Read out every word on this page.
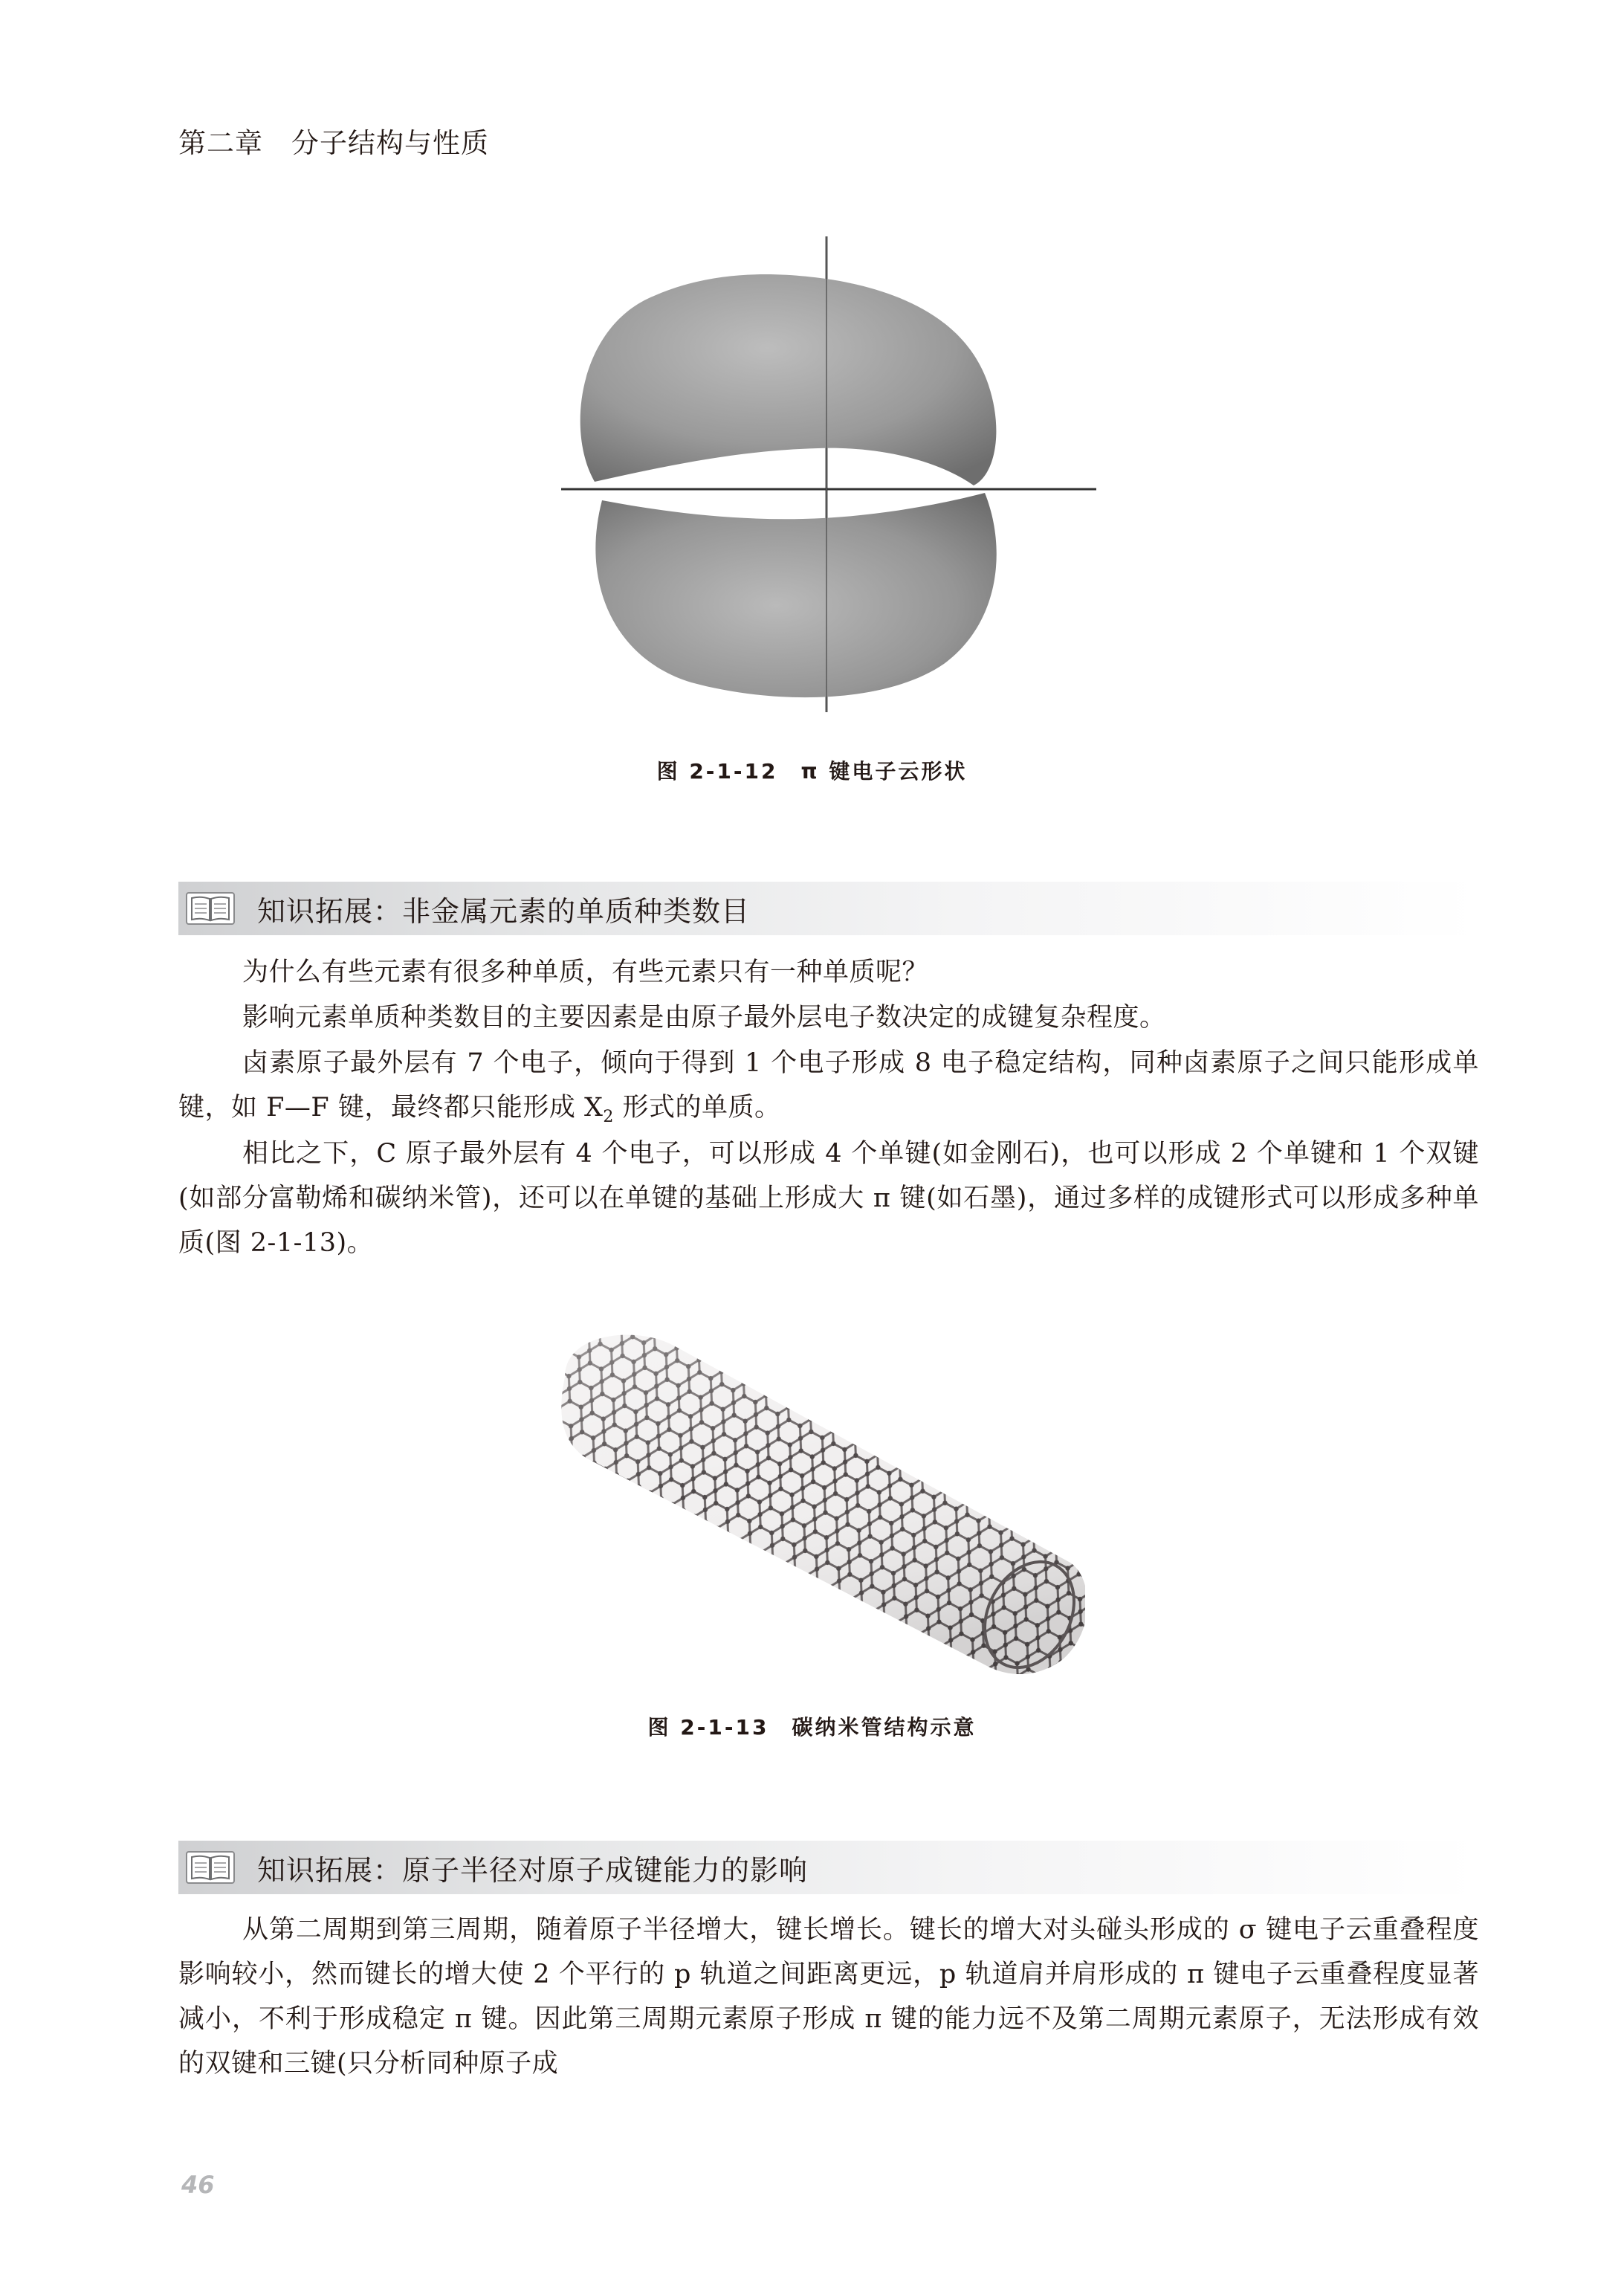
第二章　分子结构与性质
图 2-1-12　π 键电子云形状
知识拓展：非金属元素的单质种类数目

为什么有些元素有很多种单质，有些元素只有一种单质呢？

影响元素单质种类数目的主要因素是由原子最外层电子数决定的成键复杂程度。

卤素原子最外层有 7 个电子，倾向于得到 1 个电子形成 8 电子稳定结构，同种卤素原子之间只能形成单键，如 F—F 键，最终都只能形成 $X_2$ 形式的单质。

相比之下，C 原子最外层有 4 个电子，可以形成 4 个单键(如金刚石)，也可以形成 2 个单键和 1 个双键(如部分富勒烯和碳纳米管)，还可以在单键的基础上形成大 π 键(如石墨)，通过多样的成键形式可以形成多种单质(图 2-1-13)。

图 2-1-13　碳纳米管结构示意
知识拓展：原子半径对原子成键能力的影响

从第二周期到第三周期，随着原子半径增大，键长增长。键长的增大对头碰头形成的 σ 键电子云重叠程度影响较小，然而键长的增大使 2 个平行的 p 轨道之间距离更远，p 轨道肩并肩形成的 π 键电子云重叠程度显著减小，不利于形成稳定 π 键。因此第三周期元素原子形成 π 键的能力远不及第二周期元素原子，无法形成有效的双键和三键(只分析同种原子成

46
